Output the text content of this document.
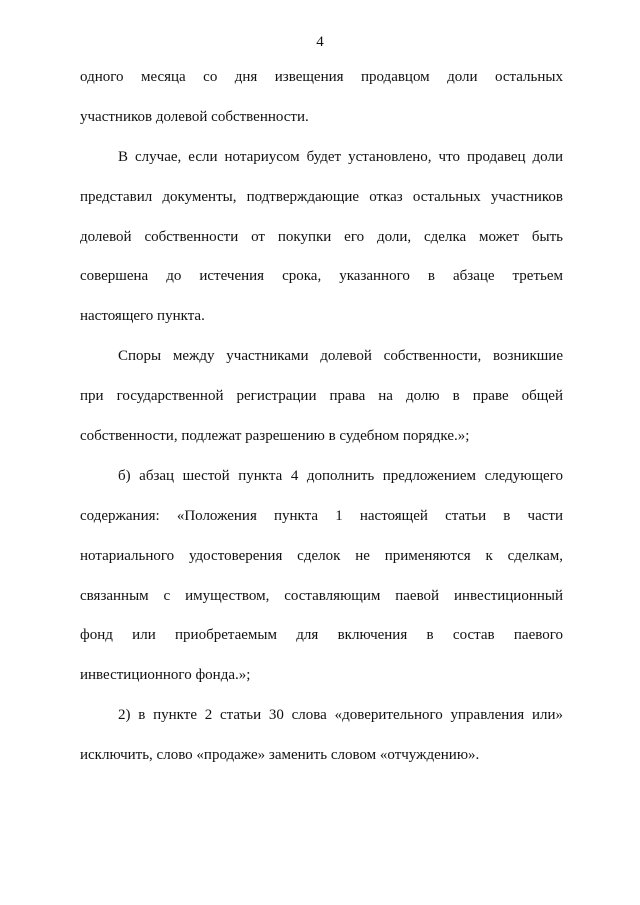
4
одного месяца со дня извещения продавцом доли остальных
участников долевой собственности.
В случае, если нотариусом будет установлено, что продавец доли
представил документы, подтверждающие отказ остальных участников
долевой собственности от покупки его доли, сделка может быть
совершена до истечения срока, указанного в абзаце третьем
настоящего пункта.
Споры между участниками долевой собственности, возникшие
при государственной регистрации права на долю в праве общей
собственности, подлежат разрешению в судебном порядке.»;
б) абзац шестой пункта 4 дополнить предложением следующего
содержания: «Положения пункта 1 настоящей статьи в части
нотариального удостоверения сделок не применяются к сделкам,
связанным с имуществом, составляющим паевой инвестиционный
фонд или приобретаемым для включения в состав паевого
инвестиционного фонда.»;
2) в пункте 2 статьи 30 слова «доверительного управления или»
исключить, слово «продаже» заменить словом «отчуждению».
